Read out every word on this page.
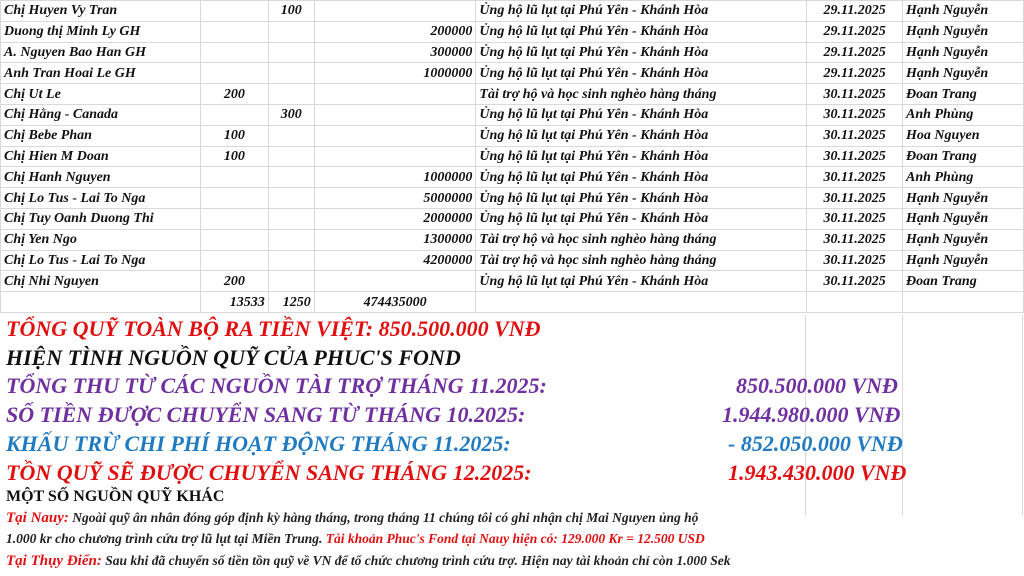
Chị Huyen Vy Tran		100		Ủng hộ lũ lụt tại Phú Yên - Khánh Hòa	29.11.2025	Hạnh Nguyễn
Duong thị Minh Ly GH			200000	Ủng hộ lũ lụt tại Phú Yên - Khánh Hòa	29.11.2025	Hạnh Nguyễn
A. Nguyen Bao Han GH			300000	Ủng hộ lũ lụt tại Phú Yên - Khánh Hòa	29.11.2025	Hạnh Nguyễn
Anh Tran Hoai Le GH			1000000	Ủng hộ lũ lụt tại Phú Yên - Khánh Hòa	29.11.2025	Hạnh Nguyễn
Chị Ut Le	200			Tài trợ hộ và học sinh nghèo hàng tháng	30.11.2025	Đoan Trang
Chị Hằng - Canada		300		Ủng hộ lũ lụt tại Phú Yên - Khánh Hòa	30.11.2025	Anh Phùng
Chị Bebe Phan	100			Ủng hộ lũ lụt tại Phú Yên - Khánh Hòa	30.11.2025	Hoa Nguyen
Chị Hien M Doan	100			Ủng hộ lũ lụt tại Phú Yên - Khánh Hòa	30.11.2025	Đoan Trang
Chị Hanh Nguyen			1000000	Ủng hộ lũ lụt tại Phú Yên - Khánh Hòa	30.11.2025	Anh Phùng
Chị Lo Tus - Lai To Nga			5000000	Ủng hộ lũ lụt tại Phú Yên - Khánh Hòa	30.11.2025	Hạnh Nguyễn
Chị Tuy Oanh Duong Thi			2000000	Ủng hộ lũ lụt tại Phú Yên - Khánh Hòa	30.11.2025	Hạnh Nguyễn
Chị Yen Ngo			1300000	Tài trợ hộ và học sinh nghèo hàng tháng	30.11.2025	Hạnh Nguyễn
Chị Lo Tus - Lai To Nga			4200000	Tài trợ hộ và học sinh nghèo hàng tháng	30.11.2025	Hạnh Nguyễn
Chị Nhi Nguyen	200			Ủng hộ lũ lụt tại Phú Yên - Khánh Hòa	30.11.2025	Đoan Trang
	13533	1250	474435000			
TỔNG QUỸ TOÀN BỘ RA TIỀN VIỆT: 850.500.000 VNĐ
HIỆN TÌNH NGUỒN QUỸ CỦA PHUC'S FOND
TỔNG THU TỪ CÁC NGUỒN TÀI TRỢ THÁNG 11.2025:	850.500.000 VNĐ
SỐ TIỀN ĐƯỢC CHUYỂN SANG TỪ THÁNG 10.2025:	1.944.980.000 VNĐ
KHẤU TRỪ CHI PHÍ HOẠT ĐỘNG THÁNG 11.2025:	- 852.050.000 VNĐ
TỒN QUỸ SẼ ĐƯỢC CHUYỂN SANG THÁNG 12.2025:	1.943.430.000 VNĐ
MỘT SỐ NGUỒN QUỸ KHÁC
Tại Nauy: Ngoài quỹ ân nhân đóng góp định kỳ hàng tháng, trong tháng 11 chúng tôi có ghi nhận chị Mai Nguyen ủng hộ
1.000 kr cho chương trình cứu trợ lũ lụt tại Miền Trung. Tài khoản Phuc's Fond tại Nauy hiện có: 129.000 Kr = 12.500 USD
Tại Thụy Điển: Sau khi đã chuyển số tiền tồn quỹ về VN để tổ chức chương trình cứu trợ. Hiện nay tài khoản chỉ còn 1.000 Sek
